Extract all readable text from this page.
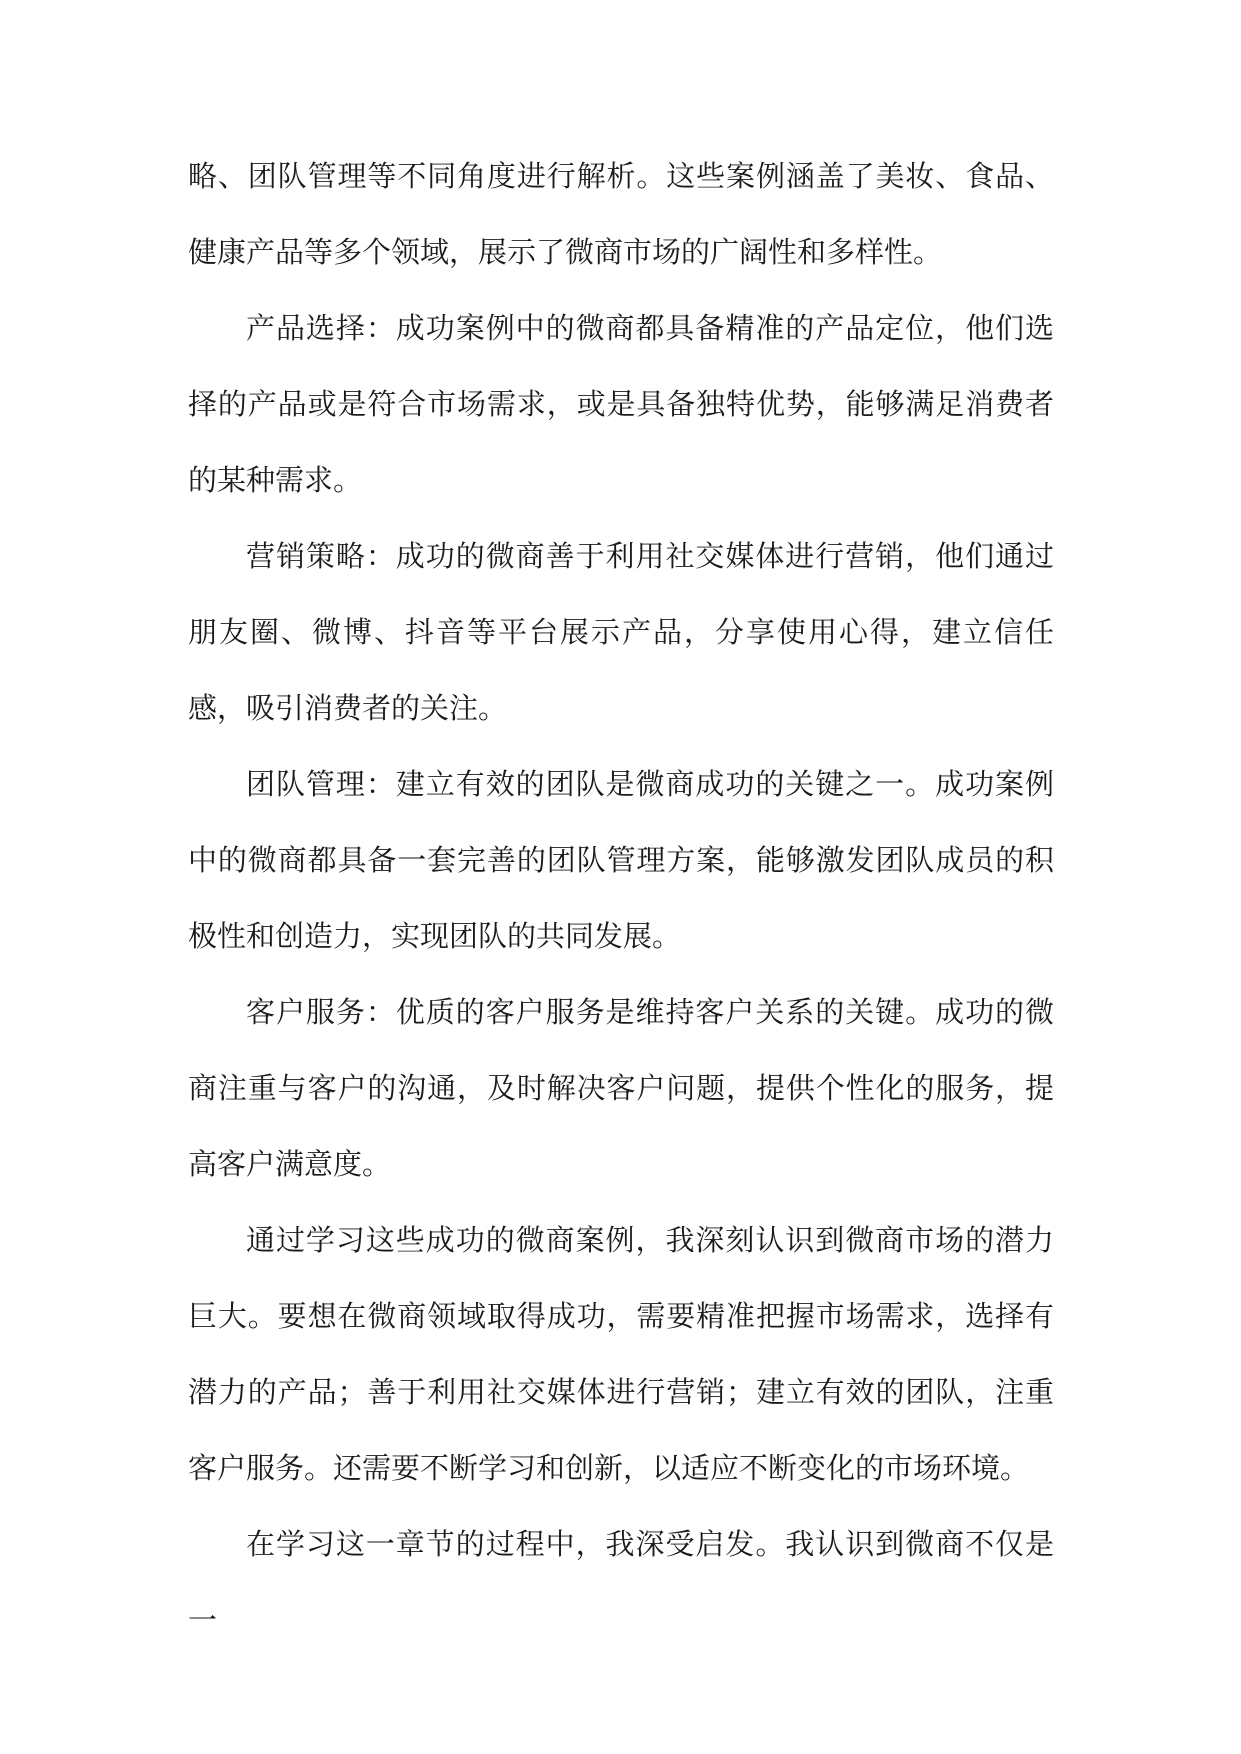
略、团队管理等不同角度进行解析。这些案例涵盖了美妆、食品、健康产品等多个领域，展示了微商市场的广阔性和多样性。

产品选择：成功案例中的微商都具备精准的产品定位，他们选择的产品或是符合市场需求，或是具备独特优势，能够满足消费者的某种需求。

营销策略：成功的微商善于利用社交媒体进行营销，他们通过朋友圈、微博、抖音等平台展示产品，分享使用心得，建立信任感，吸引消费者的关注。

团队管理：建立有效的团队是微商成功的关键之一。成功案例中的微商都具备一套完善的团队管理方案，能够激发团队成员的积极性和创造力，实现团队的共同发展。

客户服务：优质的客户服务是维持客户关系的关键。成功的微商注重与客户的沟通，及时解决客户问题，提供个性化的服务，提高客户满意度。

通过学习这些成功的微商案例，我深刻认识到微商市场的潜力巨大。要想在微商领域取得成功，需要精准把握市场需求，选择有潜力的产品；善于利用社交媒体进行营销；建立有效的团队，注重客户服务。还需要不断学习和创新，以适应不断变化的市场环境。

在学习这一章节的过程中，我深受启发。我认识到微商不仅是一
